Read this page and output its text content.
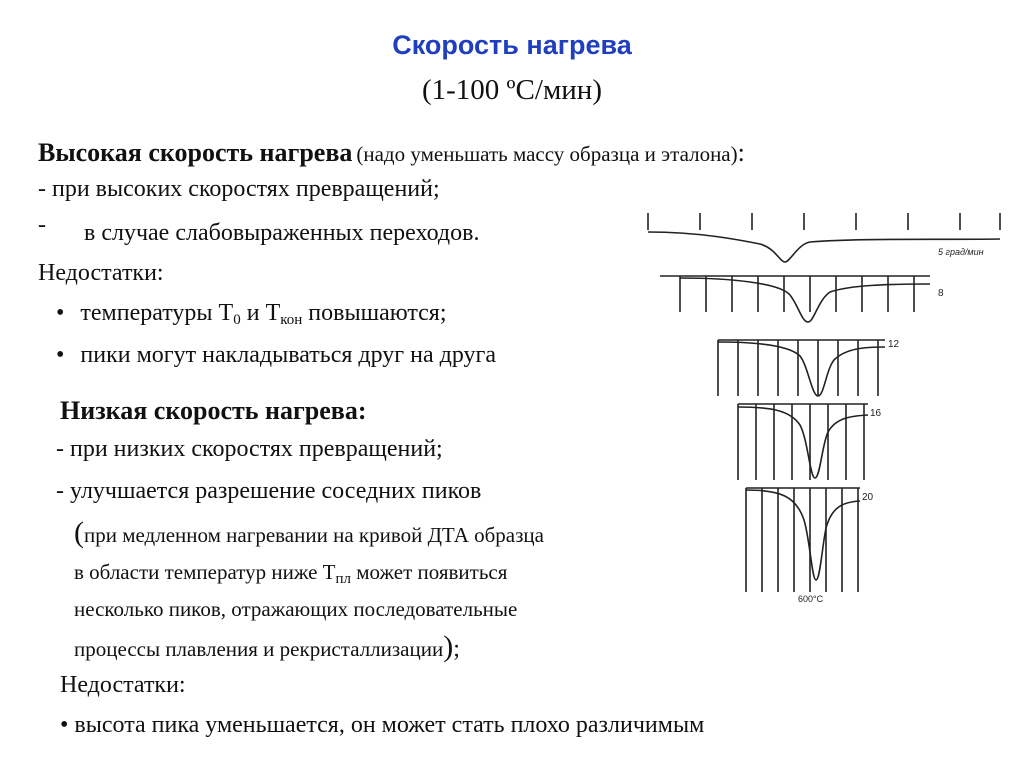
Скорость нагрева
(1-100 ºС/мин)
Высокая скорость нагрева (надо уменьшать массу образца и эталона):
- при высоких скоростях превращений;
- в случае слабовыраженных переходов.
Недостатки:
• температуры $Т_0$ и $Т_{кон}$ повышаются;
• пики могут накладываться друг на друга
Низкая скорость нагрева:
- при низких скоростях превращений;
- улучшается разрешение соседних пиков
(при медленном нагревании на кривой ДТА образца
в области температур ниже $Т_{пл}$ может появиться
несколько пиков, отражающих последовательные
процессы плавления и рекристаллизации);
Недостатки:
• высота пика уменьшается, он может стать плохо различимым
5 град/мин
8
12
16
20
600°С
